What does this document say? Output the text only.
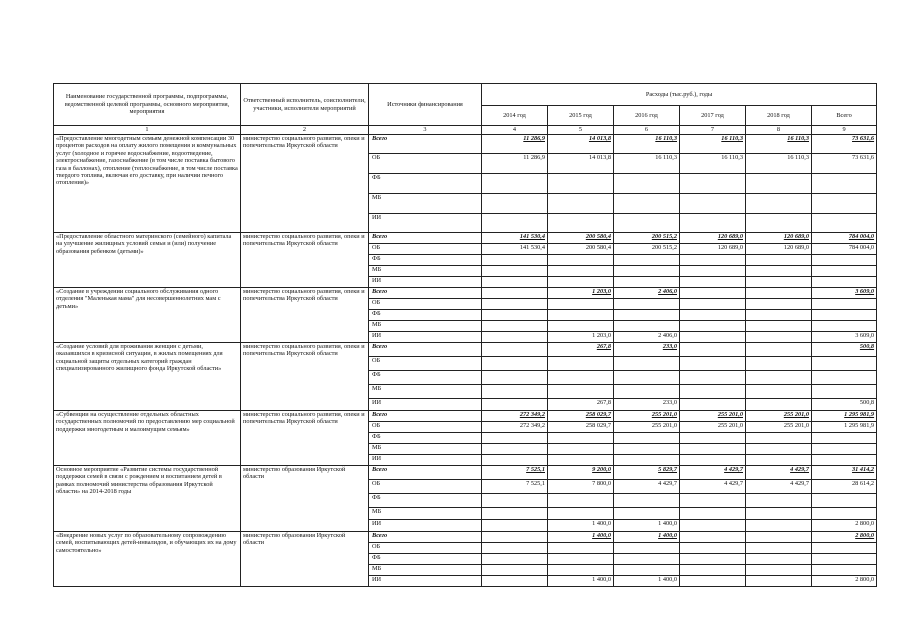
Наименование государственной программы, подпрограммы, ведомственной целевой программы, основного мероприятия, мероприятия	Ответственный исполнитель, соисполнители, участники, исполнители мероприятий	Источники финансирования	Расходы (тыс.руб.), годы					
			2014 год	2015 год	2016 год	2017 год	2018 год	Всего
1	2	3	4	5	6	7	8	9
«Предоставление многодетным семьям денежной компенсации 30 процентов расходов на оплату жилого помещения и коммунальных услуг (холодное и горячее водоснабжение, водоотведение, электроснабжение, газоснабжение (в том числе поставка бытового газа в баллонах), отопление (теплоснабжение, в том числе поставка твердого топлива, включая его доставку, при наличии печного отопления)»	министерство социального развития, опеки и попечительства Иркутской области	Всего	11 286,9	14 013,8	16 110,3	16 110,3	16 110,3	73 631,6
		ОБ	11 286,9	14 013,8	16 110,3	16 110,3	16 110,3	73 631,6
		ФБ						
		МБ						
		ИИ						
«Предоставление областного материнского (семейного) капитала на улучшение жилищных условий семьи и (или) получение образования ребенком (детьми)»	министерство социального развития, опеки и попечительства Иркутской области	Всего	141 530,4	200 580,4	200 515,2	120 689,0	120 689,0	784 004,0
		ОБ	141 530,4	200 580,4	200 515,2	120 689,0	120 689,0	784 004,0
		ФБ						
		МБ						
		ИИ						
«Создание в учреждении социального обслуживания одного отделения "Маленькая мама" для несовершеннолетних мам с детьми»	министерство социального развития, опеки и попечительства Иркутской области	Всего		1 203,0	2 406,0			3 609,0
		ОБ						
		ФБ						
		МБ						
		ИИ		1 203,0	2 406,0			3 609,0
«Создание условий для проживания женщин с детьми, оказавшихся в кризисной ситуации, в жилых помещениях для социальной защиты отдельных категорий граждан специализированного жилищного фонда Иркутской области»	министерство социального развития, опеки и попечительства Иркутской области	Всего		267,8	233,0			500,8
		ОБ						
		ФБ						
		МБ						
		ИИ		267,8	233,0			500,8
«Субвенции на осуществление отдельных областных государственных полномочий по предоставлению мер социальной поддержки многодетным и малоимущим семьям»	министерство социального развития, опеки и попечительства Иркутской области	Всего	272 349,2	258 029,7	255 201,0	255 201,0	255 201,0	1 295 981,9
		ОБ	272 349,2	258 029,7	255 201,0	255 201,0	255 201,0	1 295 981,9
		ФБ						
		МБ						
		ИИ						
Основное мероприятие «Развитие системы государственной поддержки семей в связи с рождением и воспитанием детей в рамках полномочий министерства образования Иркутской области» на 2014-2018 годы	министерство образования Иркутской области	Всего	7 525,1	9 200,0	5 829,7	4 429,7	4 429,7	31 414,2
		ОБ	7 525,1	7 800,0	4 429,7	4 429,7	4 429,7	28 614,2
		ФБ						
		МБ						
		ИИ		1 400,0	1 400,0			2 800,0
«Внедрение новых услуг по образовательному сопровождению семей, воспитывающих детей-инвалидов, и обучающих их на дому самостоятельно»	министерство образования Иркутской области	Всего		1 400,0	1 400,0			2 800,0
		ОБ						
		ФБ						
		МБ						
		ИИ		1 400,0	1 400,0			2 800,0
